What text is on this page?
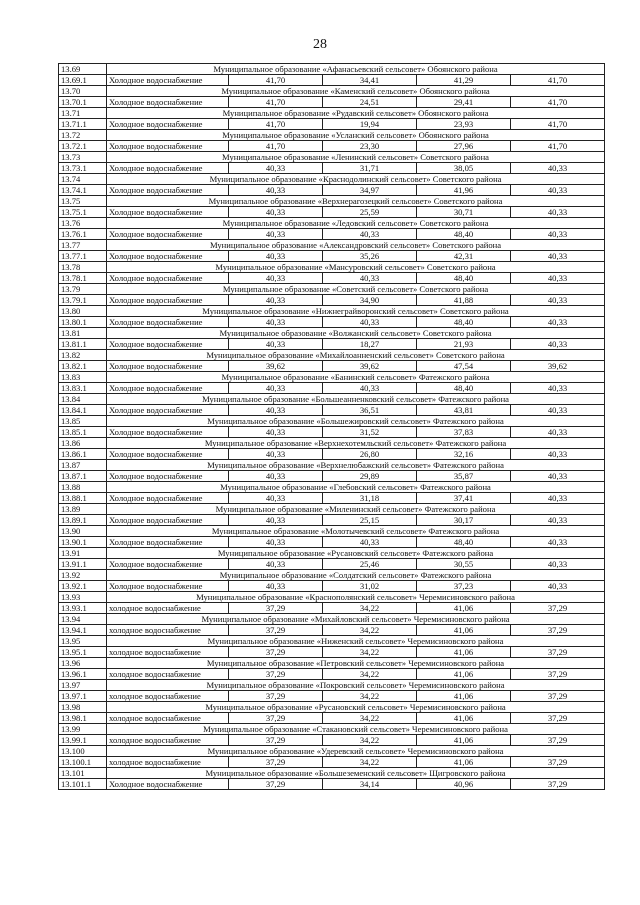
28
13.69	Муниципальное образование «Афанасьевский сельсовет» Обоянского района				
13.69.1	Холодное водоснабжение	41,70	34,41	41,29	41,70
13.70	Муниципальное образование «Каменский сельсовет» Обоянского района				
13.70.1	Холодное водоснабжение	41,70	24,51	29,41	41,70
13.71	Муниципальное образование «Рудавский сельсовет» Обоянского района				
13.71.1	Холодное водоснабжение	41,70	19,94	23,93	41,70
13.72	Муниципальное образование «Усланский сельсовет» Обоянского района				
13.72.1	Холодное водоснабжение	41,70	23,30	27,96	41,70
13.73	Муниципальное образование «Ленинский сельсовет» Советского района				
13.73.1	Холодное водоснабжение	40,33	31,71	38,05	40,33
13.74	Муниципальное образование «Краснодолинский сельсовет» Советского района				
13.74.1	Холодное водоснабжение	40,33	34,97	41,96	40,33
13.75	Муниципальное образование «Верхнерагозецкий сельсовет» Советского района				
13.75.1	Холодное водоснабжение	40,33	25,59	30,71	40,33
13.76	Муниципальное образование «Ледовский сельсовет» Советского района				
13.76.1	Холодное водоснабжение	40,33	40,33	48,40	40,33
13.77	Муниципальное образование «Александровский сельсовет» Советского района				
13.77.1	Холодное водоснабжение	40,33	35,26	42,31	40,33
13.78	Муниципальное образование «Мансуровский сельсовет» Советского района				
13.78.1	Холодное водоснабжение	40,33	40,33	48,40	40,33
13.79	Муниципальное образование «Советский сельсовет» Советского района				
13.79.1	Холодное водоснабжение	40,33	34,90	41,88	40,33
13.80	Муниципальное образование «Нижнеграйворонский сельсовет» Советского района				
13.80.1	Холодное водоснабжение	40,33	40,33	48,40	40,33
13.81	Муниципальное образование «Волжанский сельсовет» Советского района				
13.81.1	Холодное водоснабжение	40,33	18,27	21,93	40,33
13.82	Муниципальное образование «Михайлоанненский сельсовет» Советского района				
13.82.1	Холодное водоснабжение	39,62	39,62	47,54	39,62
13.83	Муниципальное образование «Банинский сельсовет» Фатежского района				
13.83.1	Холодное водоснабжение	40,33	40,33	48,40	40,33
13.84	Муниципальное образование «Большеанненковский сельсовет» Фатежского района				
13.84.1	Холодное водоснабжение	40,33	36,51	43,81	40,33
13.85	Муниципальное образование «Большежировский сельсовет» Фатежского района				
13.85.1	Холодное водоснабжение	40,33	31,52	37,83	40,33
13.86	Муниципальное образование «Верхнехотемльский сельсовет» Фатежского района				
13.86.1	Холодное водоснабжение	40,33	26,80	32,16	40,33
13.87	Муниципальное образование «Верхнелюбажский сельсовет» Фатежского района				
13.87.1	Холодное водоснабжение	40,33	29,89	35,87	40,33
13.88	Муниципальное образование «Глебовский сельсовет» Фатежского района				
13.88.1	Холодное водоснабжение	40,33	31,18	37,41	40,33
13.89	Муниципальное образование «Миленинский сельсовет» Фатежского района				
13.89.1	Холодное водоснабжение	40,33	25,15	30,17	40,33
13.90	Муниципальное образование «Молотычевский сельсовет» Фатежского района				
13.90.1	Холодное водоснабжение	40,33	40,33	48,40	40,33
13.91	Муниципальное образование «Русановский сельсовет» Фатежского района				
13.91.1	Холодное водоснабжение	40,33	25,46	30,55	40,33
13.92	Муниципальное образование «Солдатский сельсовет» Фатежского района				
13.92.1	Холодное водоснабжение	40,33	31,02	37,23	40,33
13.93	Муниципальное образование «Краснополянский сельсовет» Черемисиновского района				
13.93.1	холодное водоснабжение	37,29	34,22	41,06	37,29
13.94	Муниципальное образование «Михайловский сельсовет» Черемисиновского района				
13.94.1	холодное водоснабжение	37,29	34,22	41,06	37,29
13.95	Муниципальное образование «Ниженский сельсовет» Черемисиновского района				
13.95.1	холодное водоснабжение	37,29	34,22	41,06	37,29
13.96	Муниципальное образование «Петровский сельсовет» Черемисиновского района				
13.96.1	холодное водоснабжение	37,29	34,22	41,06	37,29
13.97	Муниципальное образование «Покровский сельсовет» Черемисиновского района				
13.97.1	холодное водоснабжение	37,29	34,22	41,06	37,29
13.98	Муниципальное образование «Русановский сельсовет» Черемисиновского района				
13.98.1	холодное водоснабжение	37,29	34,22	41,06	37,29
13.99	Муниципальное образование «Стакановский сельсовет» Черемисиновского района				
13.99.1	холодное водоснабжение	37,29	34,22	41,06	37,29
13.100	Муниципальное образование «Удеревский сельсовет» Черемисиновского района				
13.100.1	холодное водоснабжение	37,29	34,22	41,06	37,29
13.101	Муниципальное образование «Большеземенский сельсовет» Щигровского района				
13.101.1	Холодное водоснабжение	37,29	34,14	40,96	37,29
